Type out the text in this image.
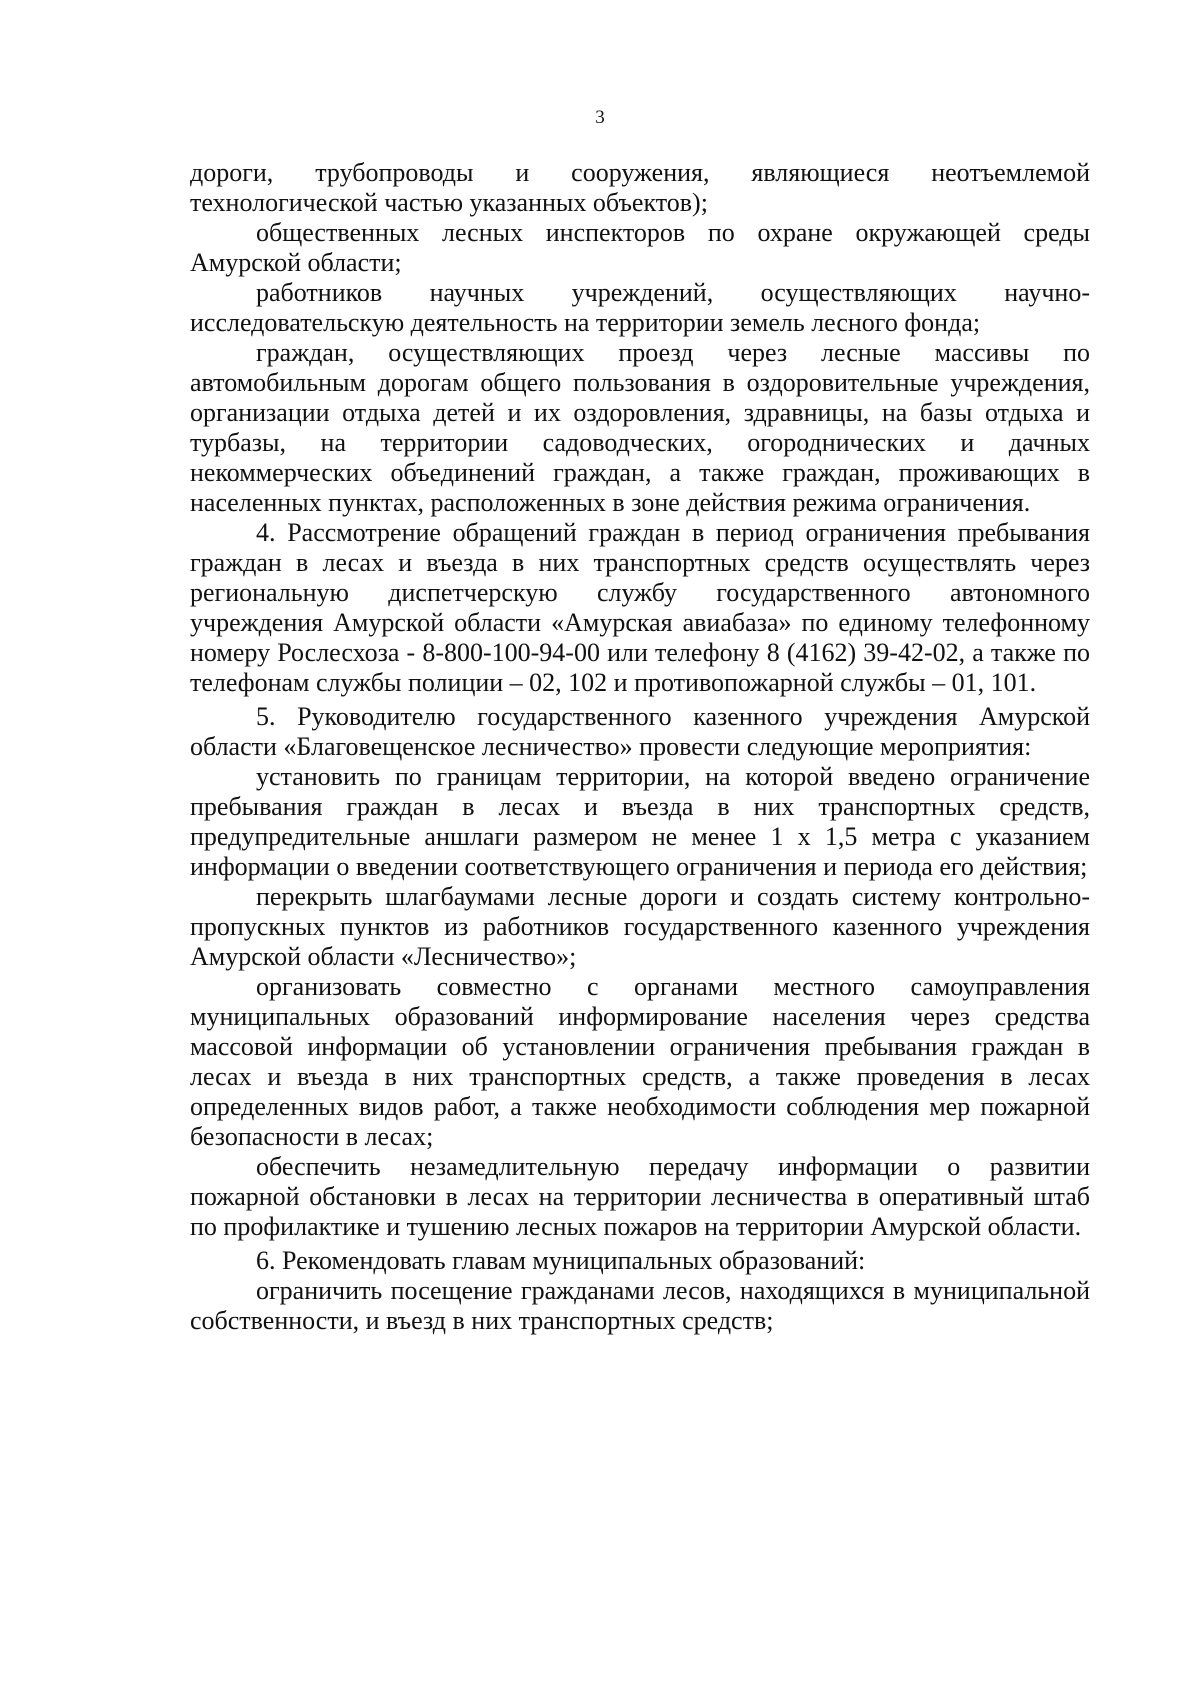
3

дороги, трубопроводы и сооружения, являющиеся неотъемлемой технологической частью указанных объектов);

общественных лесных инспекторов по охране окружающей среды Амурской области;

работников научных учреждений, осуществляющих научно-исследовательскую деятельность на территории земель лесного фонда;

граждан, осуществляющих проезд через лесные массивы по автомобильным дорогам общего пользования в оздоровительные учреждения, организации отдыха детей и их оздоровления, здравницы, на базы отдыха и турбазы, на территории садоводческих, огороднических и дачных некоммерческих объединений граждан, а также граждан, проживающих в населенных пунктах, расположенных в зоне действия режима ограничения.

4. Рассмотрение обращений граждан в период ограничения пребывания граждан в лесах и въезда в них транспортных средств осуществлять через региональную диспетчерскую службу государственного автономного учреждения Амурской области «Амурская авиабаза» по единому телефонному номеру Рослесхоза - 8-800-100-94-00 или телефону 8 (4162) 39-42-02, а также по телефонам службы полиции – 02, 102 и противопожарной службы – 01, 101.

5. Руководителю государственного казенного учреждения Амурской области «Благовещенское лесничество» провести следующие мероприятия:

установить по границам территории, на которой введено ограничение пребывания граждан в лесах и въезда в них транспортных средств, предупредительные аншлаги размером не менее 1 х 1,5 метра с указанием информации о введении соответствующего ограничения и периода его действия;

перекрыть шлагбаумами лесные дороги и создать систему контрольно-пропускных пунктов из работников государственного казенного учреждения Амурской области «Лесничество»;

организовать совместно с органами местного самоуправления муниципальных образований информирование населения через средства массовой информации об установлении ограничения пребывания граждан в лесах и въезда в них транспортных средств, а также проведения в лесах определенных видов работ, а также необходимости соблюдения мер пожарной безопасности в лесах;

обеспечить незамедлительную передачу информации о развитии пожарной обстановки в лесах на территории лесничества в оперативный штаб по профилактике и тушению лесных пожаров на территории Амурской области.

6. Рекомендовать главам муниципальных образований:

ограничить посещение гражданами лесов, находящихся в муниципальной собственности, и въезд в них транспортных средств;
